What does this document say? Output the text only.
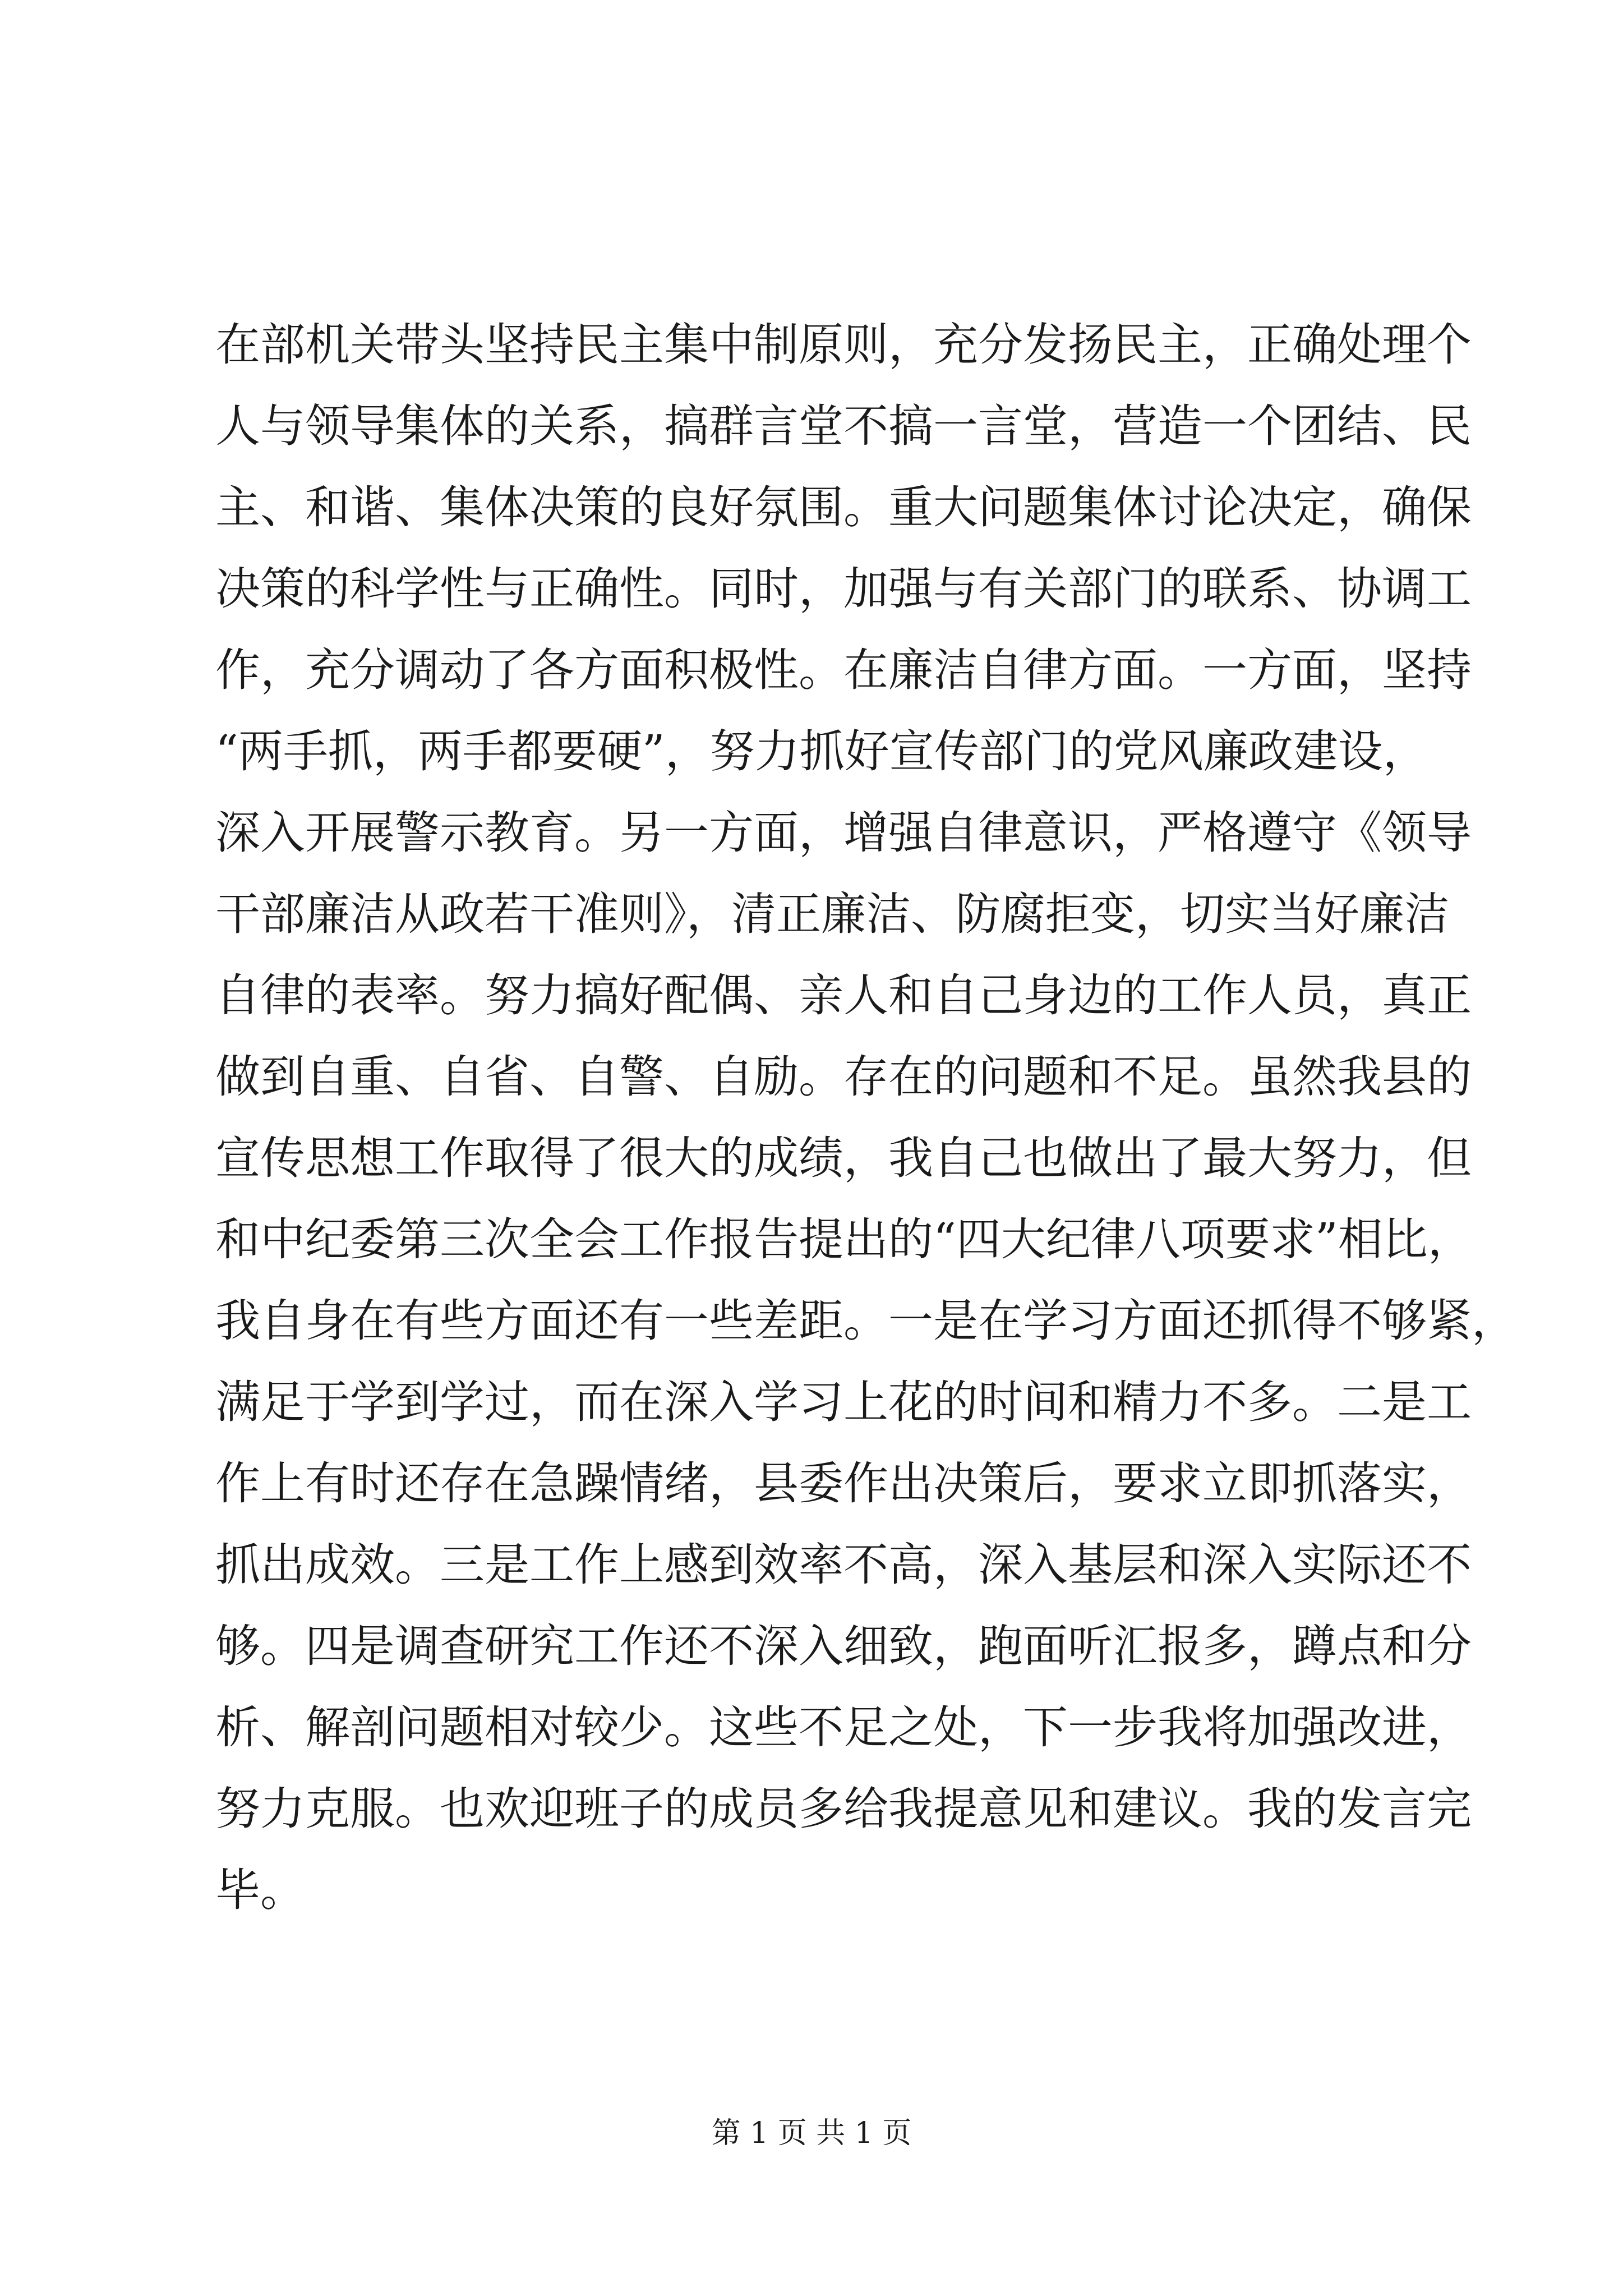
在部机关带头坚持民主集中制原则，充分发扬民主，正确处理个
人与领导集体的关系，搞群言堂不搞一言堂，营造一个团结、民
主、和谐、集体决策的良好氛围。重大问题集体讨论决定，确保
决策的科学性与正确性。同时，加强与有关部门的联系、协调工
作，充分调动了各方面积极性。在廉洁自律方面。一方面，坚持
“两手抓，两手都要硬”，努力抓好宣传部门的党风廉政建设，
深入开展警示教育。另一方面，增强自律意识，严格遵守《领导
干部廉洁从政若干准则》，清正廉洁、防腐拒变，切实当好廉洁
自律的表率。努力搞好配偶、亲人和自己身边的工作人员，真正
做到自重、自省、自警、自励。存在的问题和不足。虽然我县的
宣传思想工作取得了很大的成绩，我自己也做出了最大努力，但
和中纪委第三次全会工作报告提出的“四大纪律八项要求”相比，
我自身在有些方面还有一些差距。一是在学习方面还抓得不够紧，
满足于学到学过，而在深入学习上花的时间和精力不多。二是工
作上有时还存在急躁情绪，县委作出决策后，要求立即抓落实，
抓出成效。三是工作上感到效率不高，深入基层和深入实际还不
够。四是调查研究工作还不深入细致，跑面听汇报多，蹲点和分
析、解剖问题相对较少。这些不足之处，下一步我将加强改进，
努力克服。也欢迎班子的成员多给我提意见和建议。我的发言完
毕。
第 1 页 共 1 页
